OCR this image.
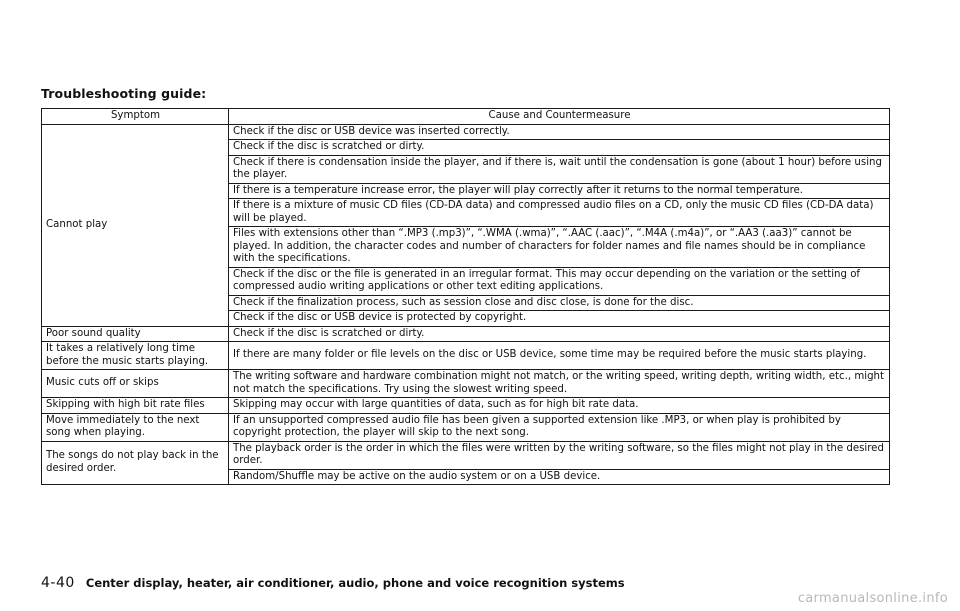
Troubleshooting guide:
Symptom	Cause and Countermeasure
Cannot play	Check if the disc or USB device was inserted correctly.
	Check if the disc is scratched or dirty.
	Check if there is condensation inside the player, and if there is, wait until the condensation is gone (about 1 hour) before using the player.
	If there is a temperature increase error, the player will play correctly after it returns to the normal temperature.
	If there is a mixture of music CD files (CD-DA data) and compressed audio files on a CD, only the music CD files (CD-DA data) will be played.
	Files with extensions other than “.MP3 (.mp3)”, “.WMA (.wma)”, “.AAC (.aac)”, “.M4A (.m4a)”, or “.AA3 (.aa3)” cannot be played. In addition, the character codes and number of characters for folder names and file names should be in compliance with the specifications.
	Check if the disc or the file is generated in an irregular format. This may occur depending on the variation or the setting of compressed audio writing applications or other text editing applications.
	Check if the finalization process, such as session close and disc close, is done for the disc.
	Check if the disc or USB device is protected by copyright.
Poor sound quality	Check if the disc is scratched or dirty.
It takes a relatively long time before the music starts playing.	If there are many folder or file levels on the disc or USB device, some time may be required before the music starts playing.
Music cuts off or skips	The writing software and hardware combination might not match, or the writing speed, writing depth, writing width, etc., might not match the specifications. Try using the slowest writing speed.
Skipping with high bit rate files	Skipping may occur with large quantities of data, such as for high bit rate data.
Move immediately to the next song when playing.	If an unsupported compressed audio file has been given a supported extension like .MP3, or when play is prohibited by copyright protection, the player will skip to the next song.
The songs do not play back in the desired order.	The playback order is the order in which the files were written by the writing software, so the files might not play in the desired order.
	Random/Shuffle may be active on the audio system or on a USB device.
4-40 Center display, heater, air conditioner, audio, phone and voice recognition systems
carmanualsonline.info
